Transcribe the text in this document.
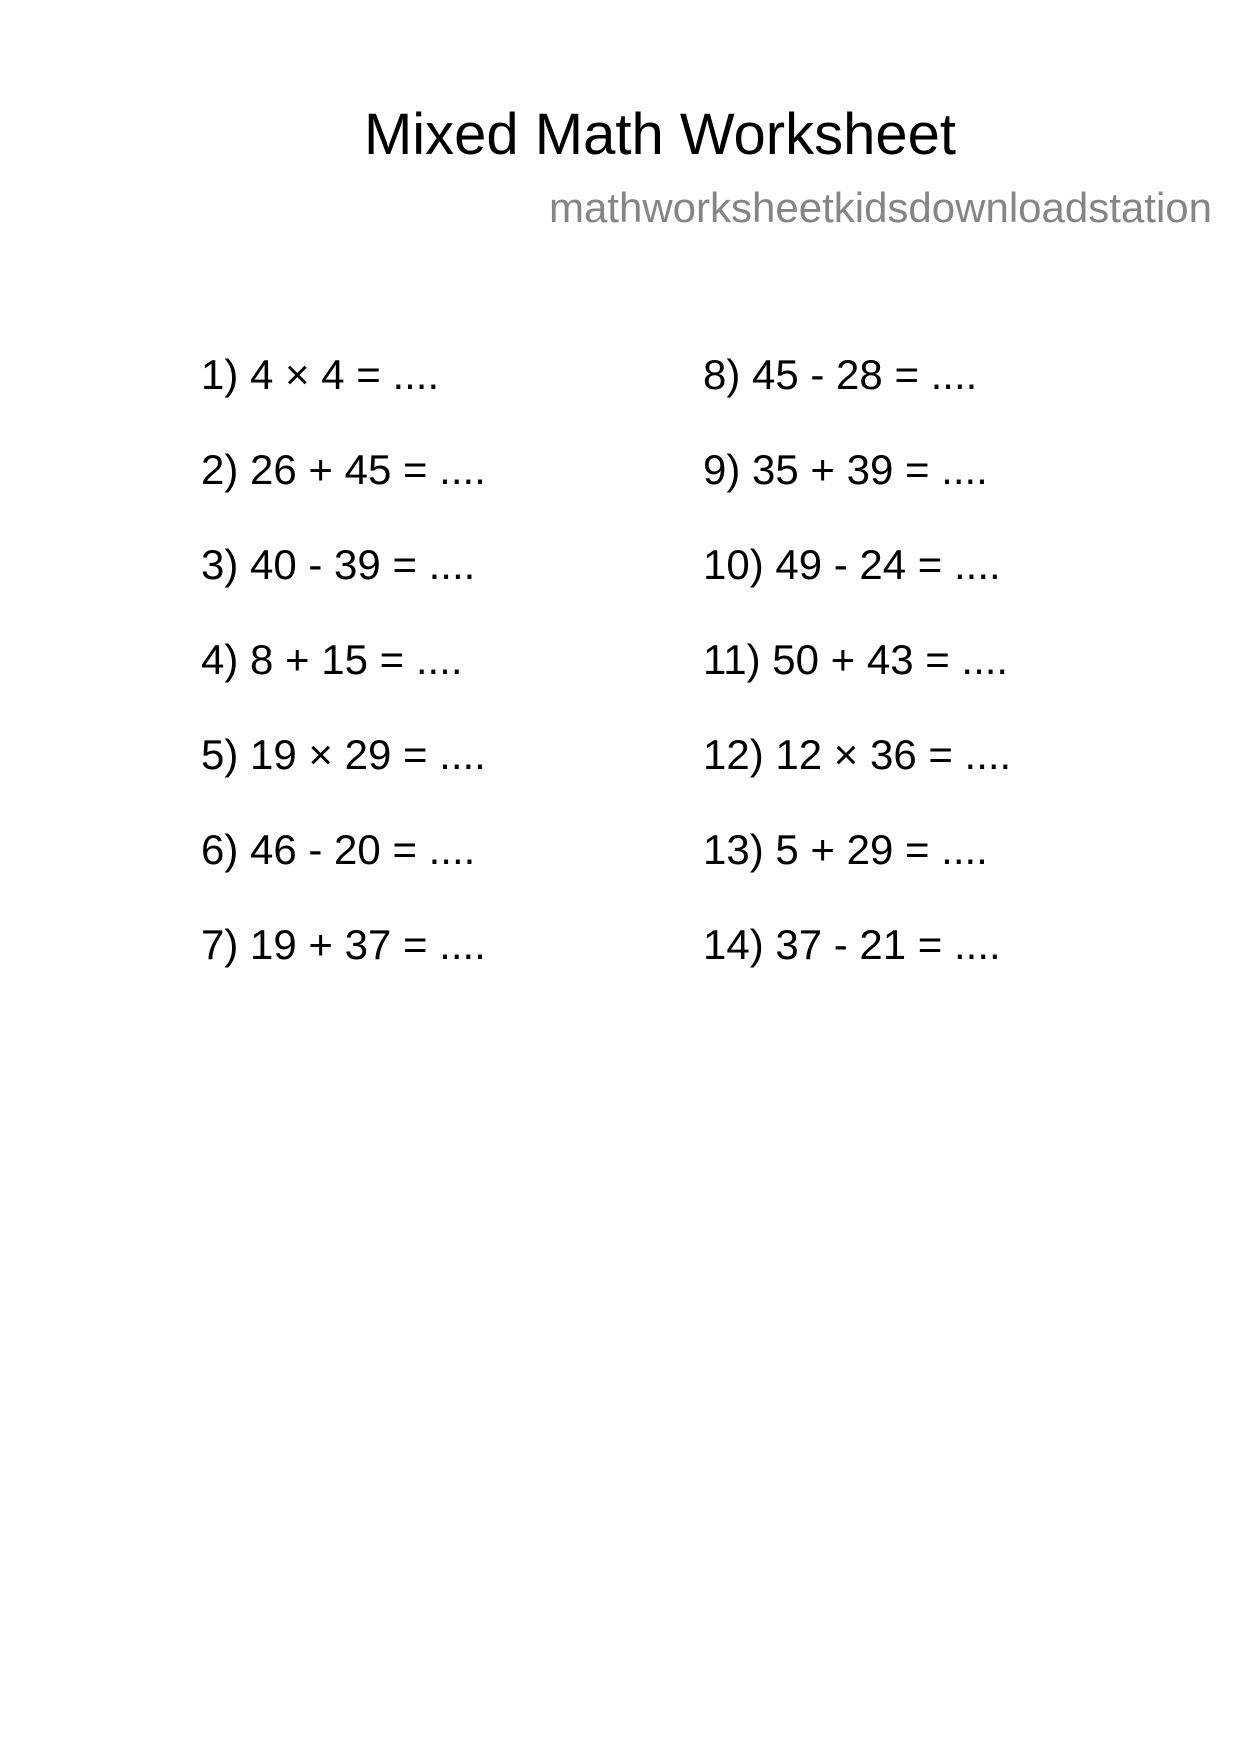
Mixed Math Worksheet
mathworksheetkidsdownloadstation
1) 4 × 4 = ....
2) 26 + 45 = ....
3) 40 - 39 = ....
4) 8 + 15 = ....
5) 19 × 29 = ....
6) 46 - 20 = ....
7) 19 + 37 = ....
8) 45 - 28 = ....
9) 35 + 39 = ....
10) 49 - 24 = ....
11) 50 + 43 = ....
12) 12 × 36 = ....
13) 5 + 29 = ....
14) 37 - 21 = ....
